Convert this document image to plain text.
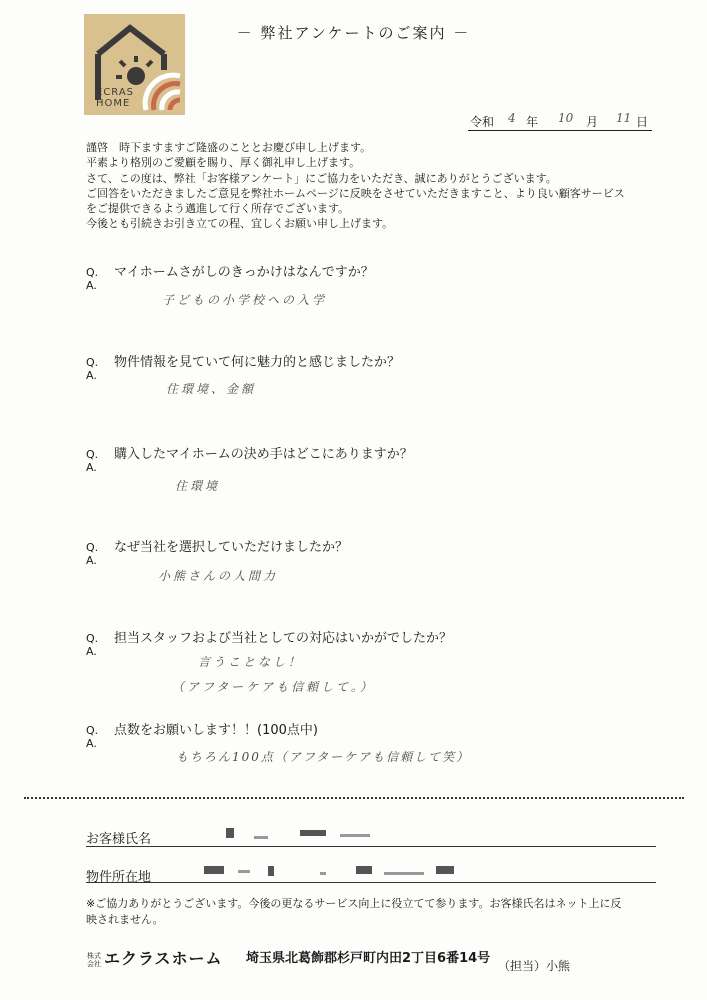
ECRAS
HOME
－ 弊社アンケートのご案内 －
令和 4 年 10 月 11 日
謹啓　時下ますますご隆盛のこととお慶び申し上げます。
平素より格別のご愛顧を賜り、厚く御礼申し上げます。
さて、この度は、弊社「お客様アンケート」にご協力をいただき、誠にありがとうございます。
ご回答をいただきましたご意見を弊社ホームページに反映をさせていただきますこと、より良い顧客サービス
をご提供できるよう邁進して行く所存でございます。
今後とも引続きお引き立ての程、宜しくお願い申し上げます。
Q. マイホームさがしのきっかけはなんですか？
A.
子どもの小学校への入学
Q. 物件情報を見ていて何に魅力的と感じましたか？
A.
住環境、金額
Q. 購入したマイホームの決め手はどこにありますか？
A.
住環境
Q. なぜ当社を選択していただけましたか？
A.
小熊さんの人間力
Q. 担当スタッフおよび当社としての対応はいかがでしたか？
A.
言うことなし！
（アフターケアも信頼して。）
Q. 点数をお願いします！！(100点中)
A.
もちろん100点（アフターケアも信頼して笑）
お客様氏名
物件所在地
※ご協力ありがとうございます。今後の更なるサービス向上に役立てて参ります。お客様氏名はネット上に反
映されません。
株式
会社 エクラスホーム 埼玉県北葛飾郡杉戸町内田2丁目6番14号 （担当）小熊
